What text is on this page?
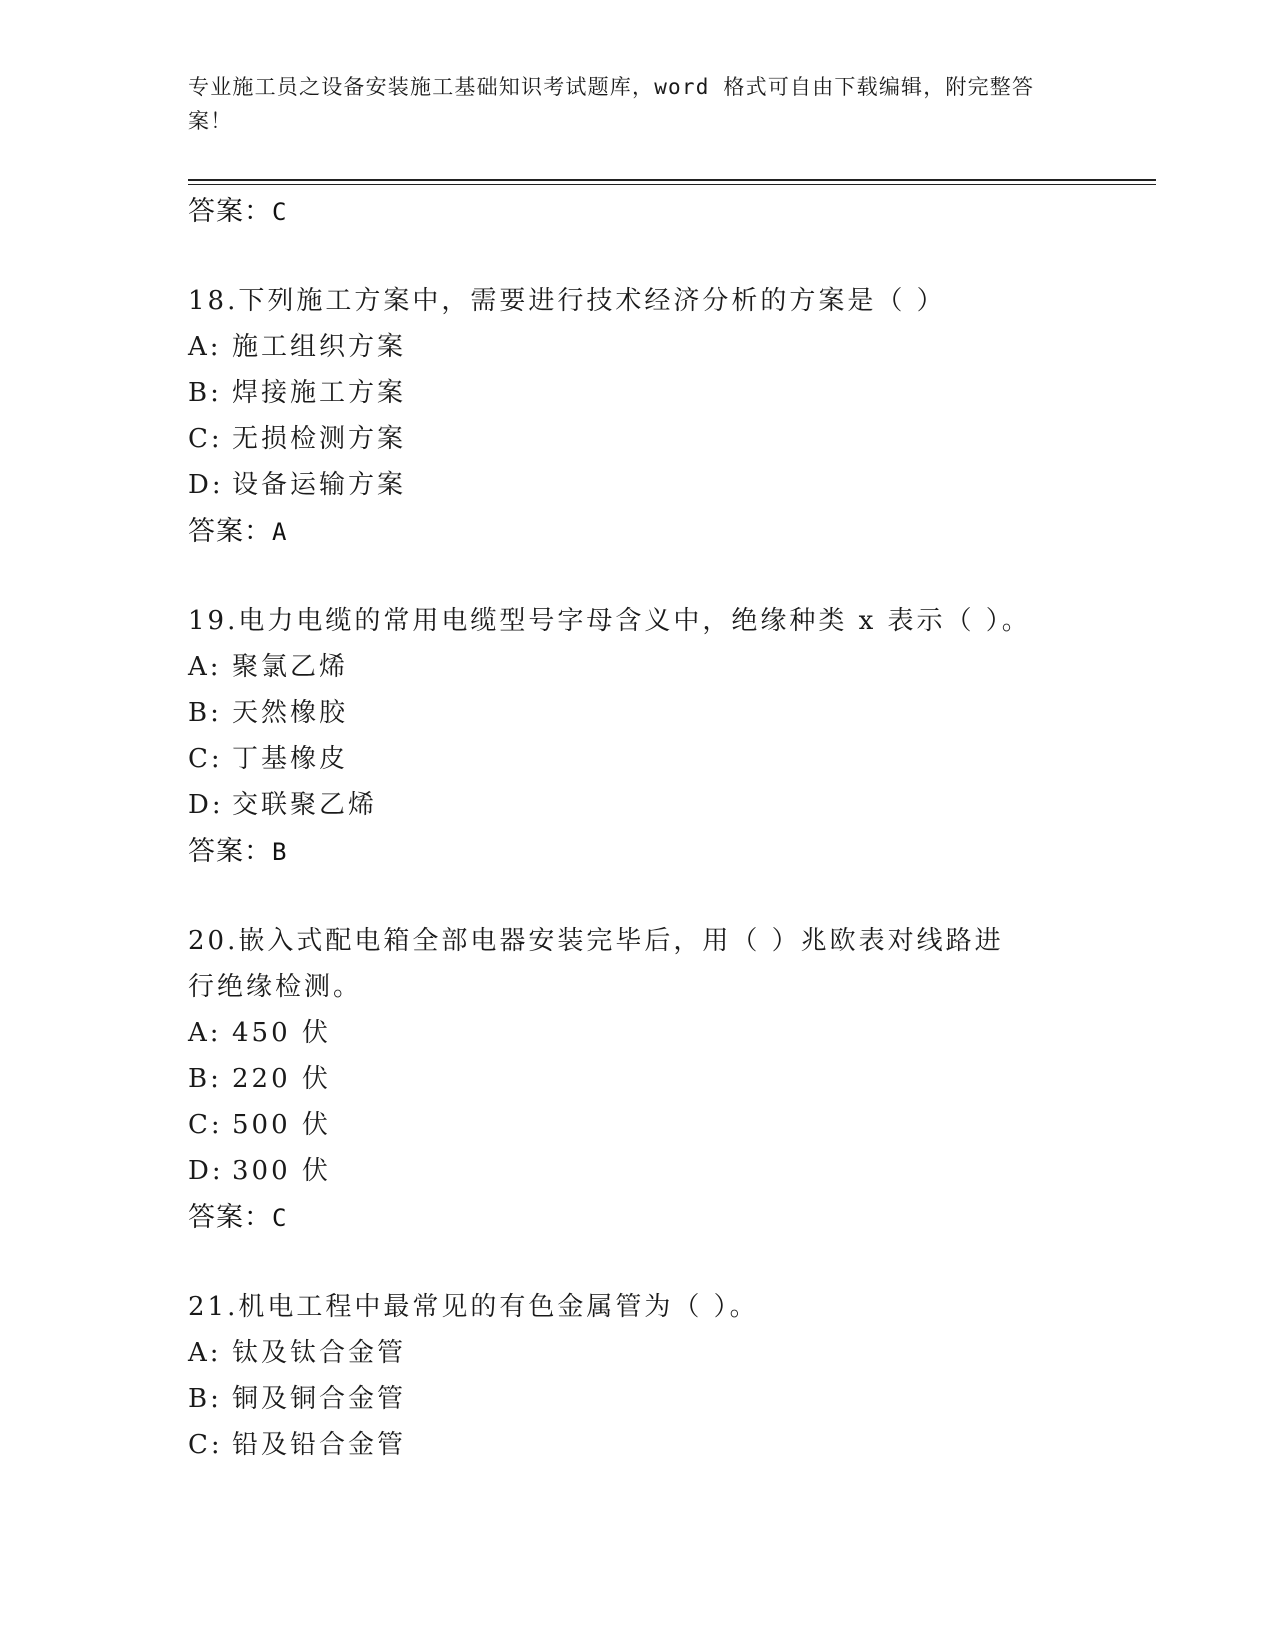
专业施工员之设备安装施工基础知识考试题库，word 格式可自由下载编辑，附完整答案！
答案：C

18.下列施工方案中，需要进行技术经济分析的方案是（ ）

A: 施工组织方案

B: 焊接施工方案

C: 无损检测方案

D: 设备运输方案

答案：A

19.电力电缆的常用电缆型号字母含义中，绝缘种类 x 表示（ ）。

A: 聚氯乙烯

B: 天然橡胶

C: 丁基橡皮

D: 交联聚乙烯

答案：B

20.嵌入式配电箱全部电器安装完毕后，用（ ）兆欧表对线路进行绝缘检测。

A: 450 伏

B: 220 伏

C: 500 伏

D: 300 伏

答案：C

21.机电工程中最常见的有色金属管为（ ）。

A: 钛及钛合金管

B: 铜及铜合金管

C: 铅及铅合金管
